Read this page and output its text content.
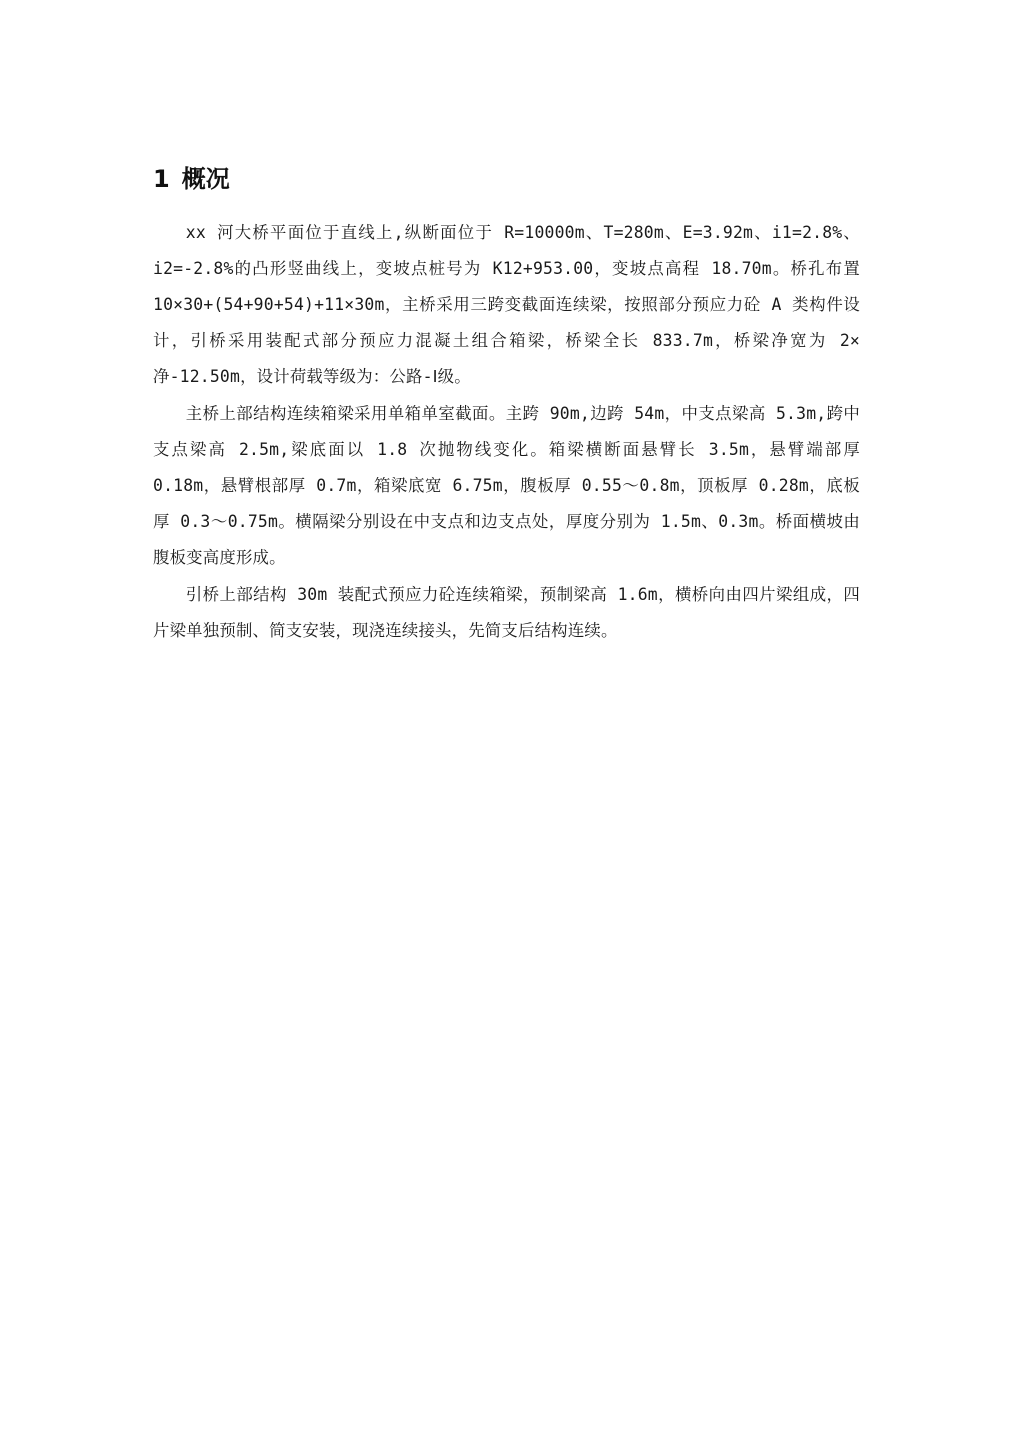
1 概况

xx 河大桥平面位于直线上,纵断面位于 R=10000m、T=280m、E=3.92m、i1=2.8%、i2=-2.8%的凸形竖曲线上，变坡点桩号为 K12+953.00，变坡点高程 18.70m。桥孔布置 10×30+(54+90+54)+11×30m，主桥采用三跨变截面连续梁，按照部分预应力砼 A 类构件设计，引桥采用装配式部分预应力混凝土组合箱梁，桥梁全长 833.7m，桥梁净宽为 2×净-12.50m，设计荷载等级为：公路-Ⅰ级。

主桥上部结构连续箱梁采用单箱单室截面。主跨 90m,边跨 54m，中支点梁高 5.3m,跨中支点梁高 2.5m,梁底面以 1.8 次抛物线变化。箱梁横断面悬臂长 3.5m，悬臂端部厚 0.18m，悬臂根部厚 0.7m，箱梁底宽 6.75m，腹板厚 0.55～0.8m，顶板厚 0.28m，底板厚 0.3～0.75m。横隔梁分别设在中支点和边支点处，厚度分别为 1.5m、0.3m。桥面横坡由腹板变高度形成。

引桥上部结构 30m 装配式预应力砼连续箱梁，预制梁高 1.6m，横桥向由四片梁组成，四片梁单独预制、简支安装，现浇连续接头，先简支后结构连续。
